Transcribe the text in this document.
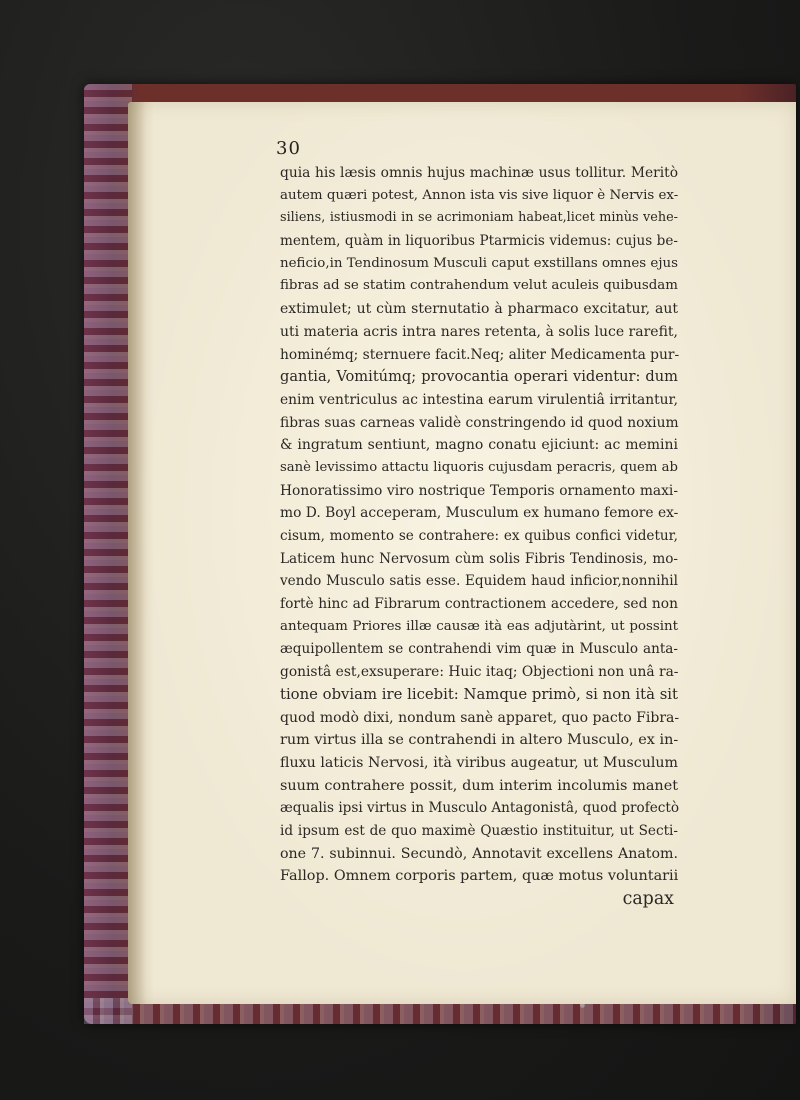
30
quia his læsis omnis hujus machinæ usus tollitur. Meritò
autem quæri potest, Annon ista vis sive liquor è Nervis ex-
siliens, istiusmodi in se acrimoniam habeat,licet minùs vehe-
mentem, quàm in liquoribus Ptarmicis videmus: cujus be-
neficio,in Tendinosum Musculi caput exstillans omnes ejus
fibras ad se statim contrahendum velut aculeis quibusdam
extimulet; ut cùm sternutatio à pharmaco excitatur, aut
uti materia acris intra nares retenta, à solis luce rarefit,
hominémq; sternuere facit.Neq; aliter Medicamenta pur-
gantia, Vomitúmq; provocantia operari videntur: dum
enim ventriculus ac intestina earum virulentiâ irritantur,
fibras suas carneas validè constringendo id quod noxium
& ingratum sentiunt, magno conatu ejiciunt: ac memini
sanè levissimo attactu liquoris cujusdam peracris, quem ab
Honoratissimo viro nostrique Temporis ornamento maxi-
mo D. Boyl acceperam, Musculum ex humano femore ex-
cisum, momento se contrahere: ex quibus confici videtur,
Laticem hunc Nervosum cùm solis Fibris Tendinosis, mo-
vendo Musculo satis esse. Equidem haud inficior,nonnihil
fortè hinc ad Fibrarum contractionem accedere, sed non
antequam Priores illæ causæ ità eas adjutàrint, ut possint
æquipollentem se contrahendi vim quæ in Musculo anta-
gonistâ est,exsuperare: Huic itaq; Objectioni non unâ ra-
tione obviam ire licebit: Namque primò, si non ità sit
quod modò dixi, nondum sanè apparet, quo pacto Fibra-
rum virtus illa se contrahendi in altero Musculo, ex in-
fluxu laticis Nervosi, ità viribus augeatur, ut Musculum
suum contrahere possit, dum interim incolumis manet
æqualis ipsi virtus in Musculo Antagonistâ, quod profectò
id ipsum est de quo maximè Quæstio instituitur, ut Secti-
one 7. subinnui. Secundò, Annotavit excellens Anatom.
Fallop. Omnem corporis partem, quæ motus voluntarii
capax
